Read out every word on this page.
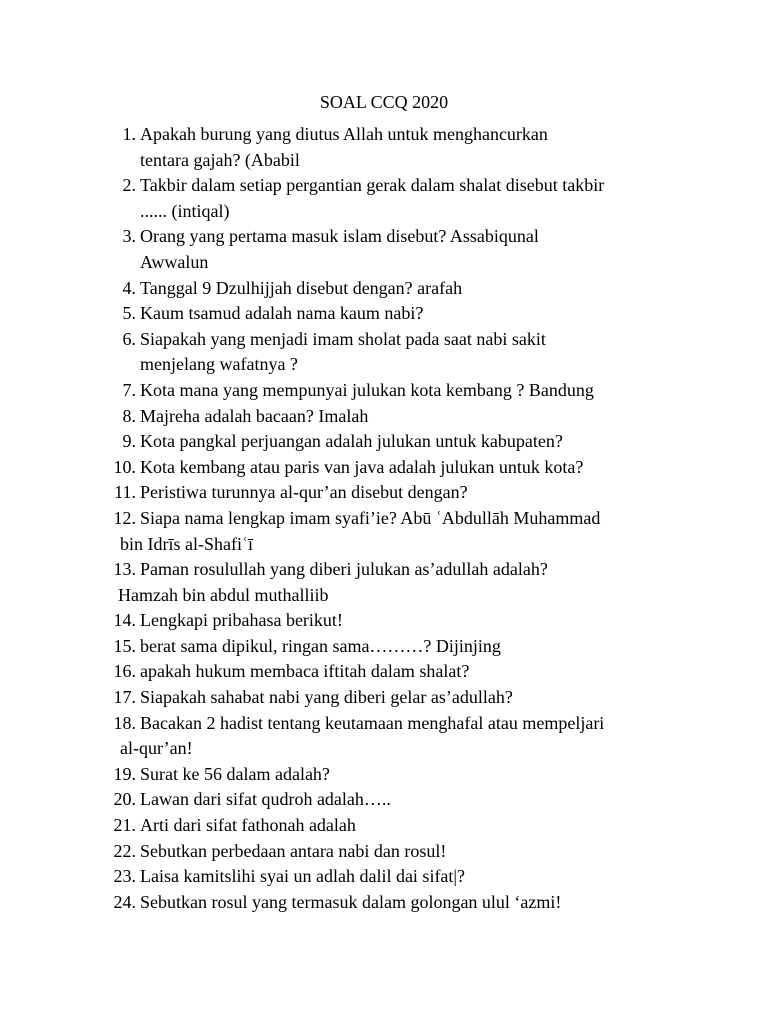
SOAL CCQ 2020
1. Apakah burung yang diutus Allah untuk menghancurkan
tentara gajah? (Ababil
2. Takbir dalam setiap pergantian gerak dalam shalat disebut takbir
...... (intiqal)
3. Orang yang pertama masuk islam disebut? Assabiqunal
Awwalun
4. Tanggal 9 Dzulhijjah disebut dengan? arafah
5. Kaum tsamud adalah nama kaum nabi?
6. Siapakah yang menjadi imam sholat pada saat nabi sakit
menjelang wafatnya ?
7. Kota mana yang mempunyai julukan kota kembang ? Bandung
8. Majreha adalah bacaan? Imalah
9. Kota pangkal perjuangan adalah julukan untuk kabupaten?
10. Kota kembang atau paris van java adalah julukan untuk kota?
11. Peristiwa turunnya al-qur’an disebut dengan?
12. Siapa nama lengkap imam syafi’ie? Abū ʿAbdullāh Muhammad
bin Idrīs al-Shafiʿī
13. Paman rosulullah yang diberi julukan as’adullah adalah?
Hamzah bin abdul muthalliib
14. Lengkapi pribahasa berikut!
15. berat sama dipikul, ringan sama………? Dijinjing
16. apakah hukum membaca iftitah dalam shalat?
17. Siapakah sahabat nabi yang diberi gelar as’adullah?
18. Bacakan 2 hadist tentang keutamaan menghafal atau mempeljari
al-qur’an!
19. Surat ke 56 dalam adalah?
20. Lawan dari sifat qudroh adalah…..
21. Arti dari sifat fathonah adalah
22. Sebutkan perbedaan antara nabi dan rosul!
23. Laisa kamitslihi syai un adlah dalil dai sifat|?
24. Sebutkan rosul yang termasuk dalam golongan ulul ‘azmi!
